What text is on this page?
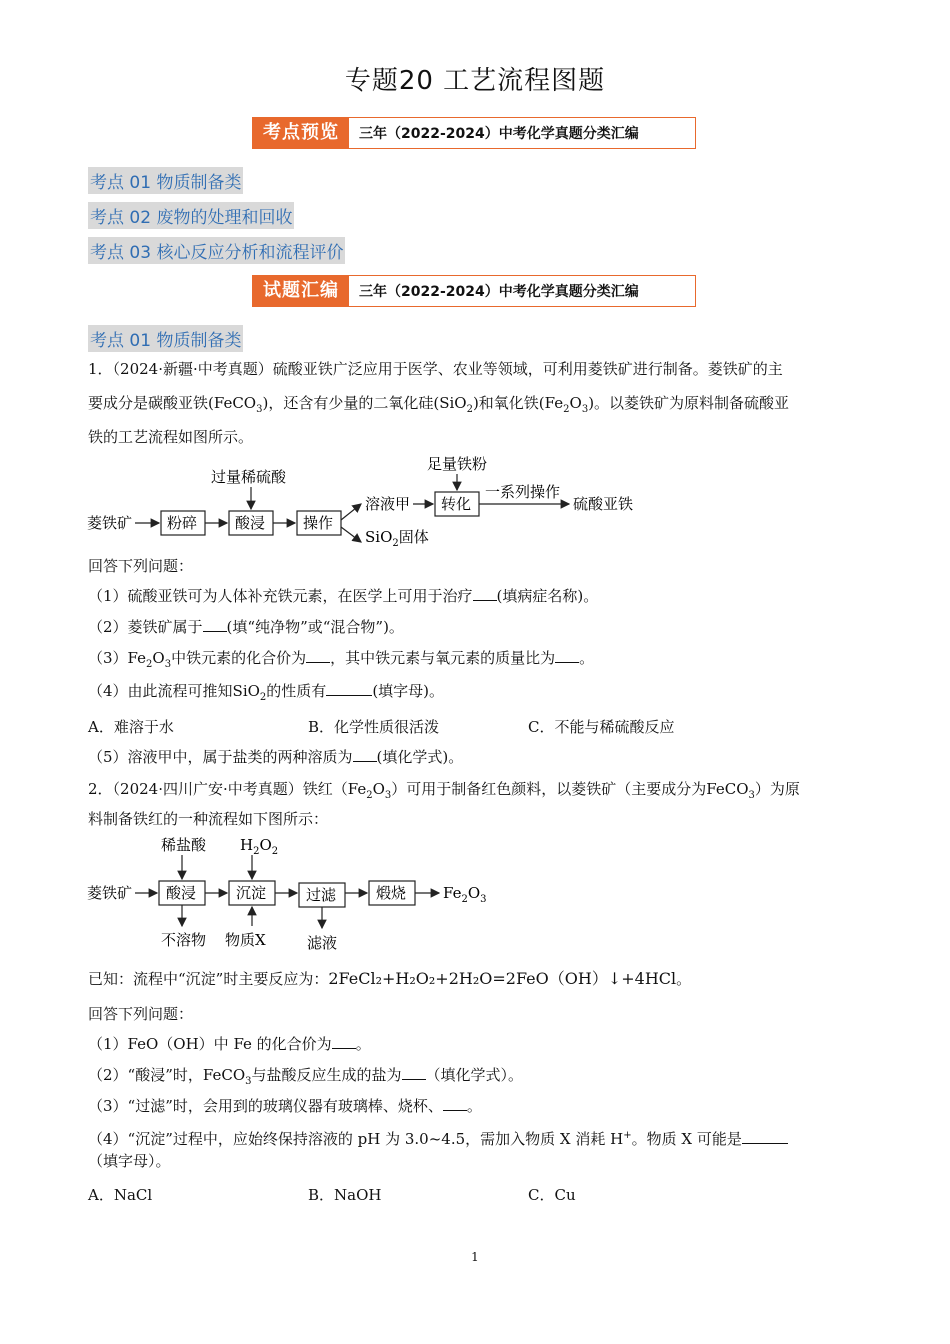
专题20 工艺流程图题
考点预览	三年（2022-2024）中考化学真题分类汇编
考点 01 物质制备类
考点 02 废物的处理和回收
考点 03 核心反应分析和流程评价
试题汇编	三年（2022-2024）中考化学真题分类汇编
考点 01 物质制备类
1．（2024·新疆·中考真题）硫酸亚铁广泛应用于医学、农业等领域，可利用菱铁矿进行制备。菱铁矿的主
要成分是碳酸亚铁(FeCO$_3$)，还含有少量的二氧化硅(SiO$_2$)和氧化铁$(Fe_2O_3)$。以菱铁矿为原料制备硫酸亚
铁的工艺流程如图所示。
菱铁矿 粉碎	酸浸
过量稀硫酸
操作
溶液甲
SiO$_2$固体
转化
足量铁粉
一系列操作
硫酸亚铁
回答下列问题：
（1）硫酸亚铁可为人体补充铁元素，在医学上可用于治疗 (填病症名称)。
（2）菱铁矿属于 (填“纯净物”或“混合物”)。
$(3)Fe_2O_3$中铁元素的化合价为 ，其中铁元素与氧元素的质量比为 。
（4）由此流程可推知SiO$_2$的性质有	(填字母)。
A．难溶于水	B．化学性质很活泼	C．不能与稀硫酸反应
（5）溶液甲中，属于盐类的两种溶质为 (填化学式)。
2．（2024·四川广安·中考真题）铁红$(Fe_2O_3)$可用于制备红色颜料，以菱铁矿（主要成分为FeCO$_3$）为原
料制备铁红的一种流程如下图所示：
菱铁矿 酸浸
稀盐酸
不溶物
沉淀
$H_2O_2$
物质X
过滤
滤液
煅烧 $Fe_2O_3$
已知：流程中“沉淀”时主要反应为：2FeCl₂+H₂O₂+2H₂O=2FeO（OH）↓+4HCl。
回答下列问题：
（1）FeO（OH）中 Fe 的化合价为 。
（2）“酸浸”时，FeCO$_3$与盐酸反应生成的盐为 （填化学式）。
（3）“过滤”时，会用到的玻璃仪器有玻璃棒、烧杯、 。
（4）“沉淀”过程中，应始终保持溶液的 pH 为 3.0~4.5，需加入物质 X 消耗 H+。物质 X 可能是
（填字母）。
A．NaCl	B．NaOH	C．Cu
1
